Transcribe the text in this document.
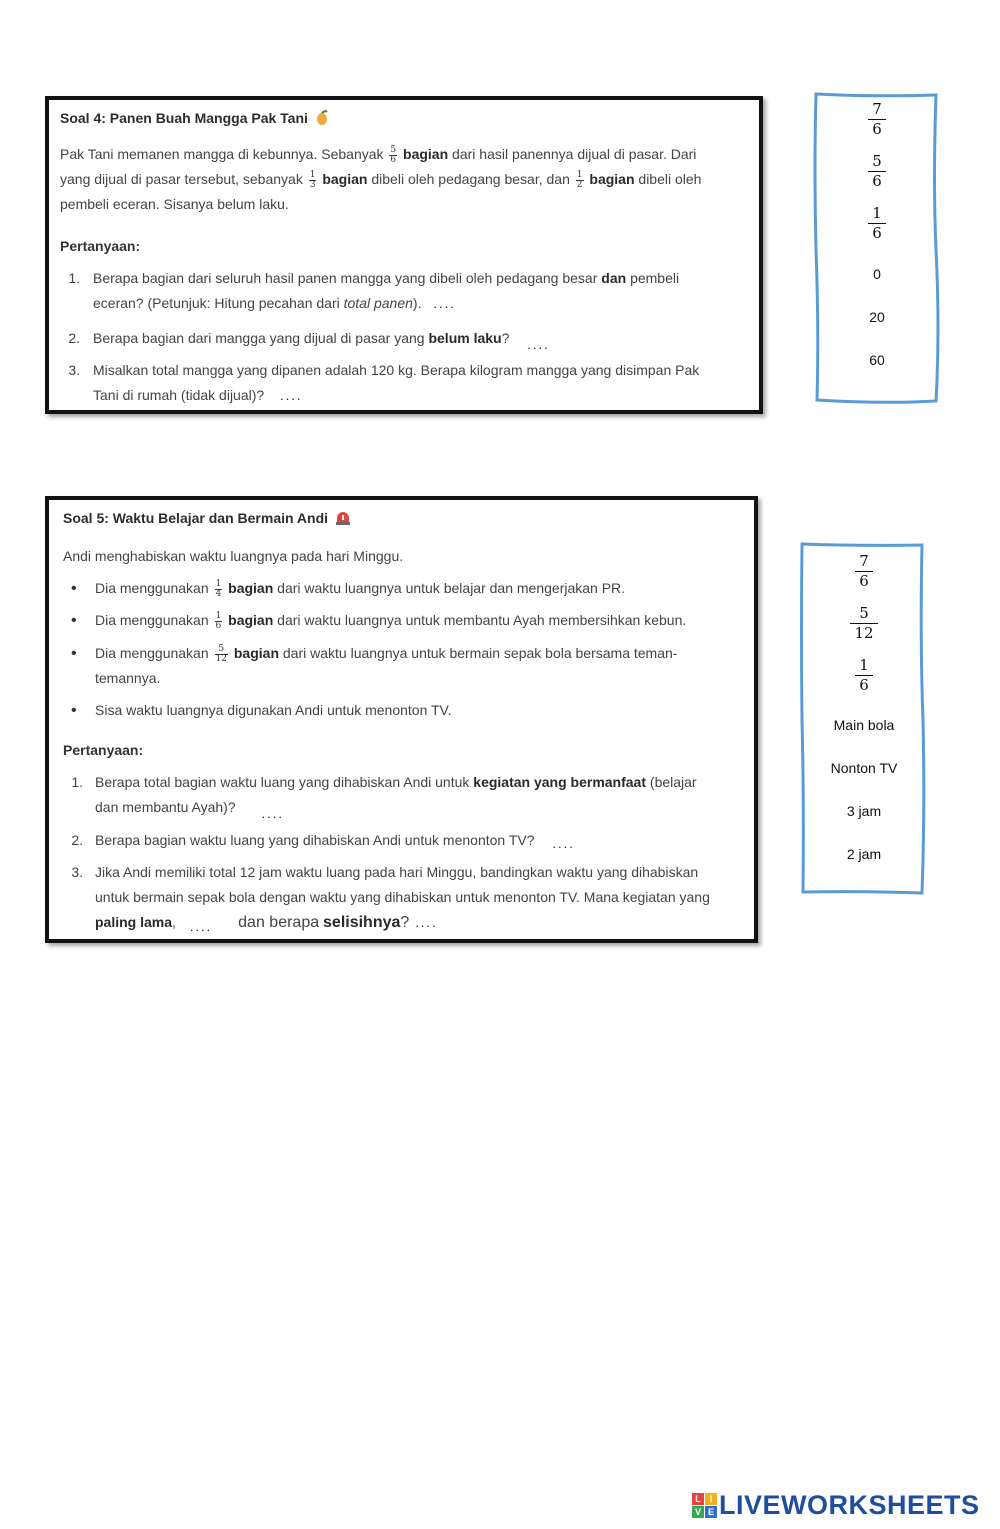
Soal 4: Panen Buah Mangga Pak Tani
Pak Tani memanen mangga di kebunnya. Sebanyak $\frac{5}{6}$ bagian dari hasil panennya dijual di pasar. Dari
yang dijual di pasar tersebut, sebanyak $\frac{1}{3}$ bagian dibeli oleh pedagang besar, dan $\frac{1}{2}$ bagian dibeli oleh
pembeli eceran. Sisanya belum laku.
Pertanyaan:
1. Berapa bagian dari seluruh hasil panen mangga yang dibeli oleh pedagang besar dan pembeli
eceran? (Petunjuk: Hitung pecahan dari total panen). ....
2. Berapa bagian dari mangga yang dijual di pasar yang belum laku? ....
3. Misalkan total mangga yang dipanen adalah 120 kg. Berapa kilogram mangga yang disimpan Pak
Tani di rumah (tidak dijual)? ....
$\frac{7}{6}$
$\frac{5}{6}$
$\frac{1}{6}$
0
20
60
Soal 5: Waktu Belajar dan Bermain Andi
Andi menghabiskan waktu luangnya pada hari Minggu.
• Dia menggunakan $\frac{1}{4}$ bagian dari waktu luangnya untuk belajar dan mengerjakan PR.
• Dia menggunakan $\frac{1}{6}$ bagian dari waktu luangnya untuk membantu Ayah membersihkan kebun.
• Dia menggunakan $\frac{5}{12}$ bagian dari waktu luangnya untuk bermain sepak bola bersama teman-
temannya.
• Sisa waktu luangnya digunakan Andi untuk menonton TV.
Pertanyaan:
1. Berapa total bagian waktu luang yang dihabiskan Andi untuk kegiatan yang bermanfaat (belajar
dan membantu Ayah)? ....
2. Berapa bagian waktu luang yang dihabiskan Andi untuk menonton TV? ....
3. Jika Andi memiliki total 12 jam waktu luang pada hari Minggu, bandingkan waktu yang dihabiskan
untuk bermain sepak bola dengan waktu yang dihabiskan untuk menonton TV. Mana kegiatan yang
paling lama, .... dan berapa selisihnya? ....
$\frac{7}{6}$
$\frac{5}{12}$
$\frac{1}{6}$
Main bola
Nonton TV
3 jam
2 jam
L I
V E LIVEWORKSHEETS
